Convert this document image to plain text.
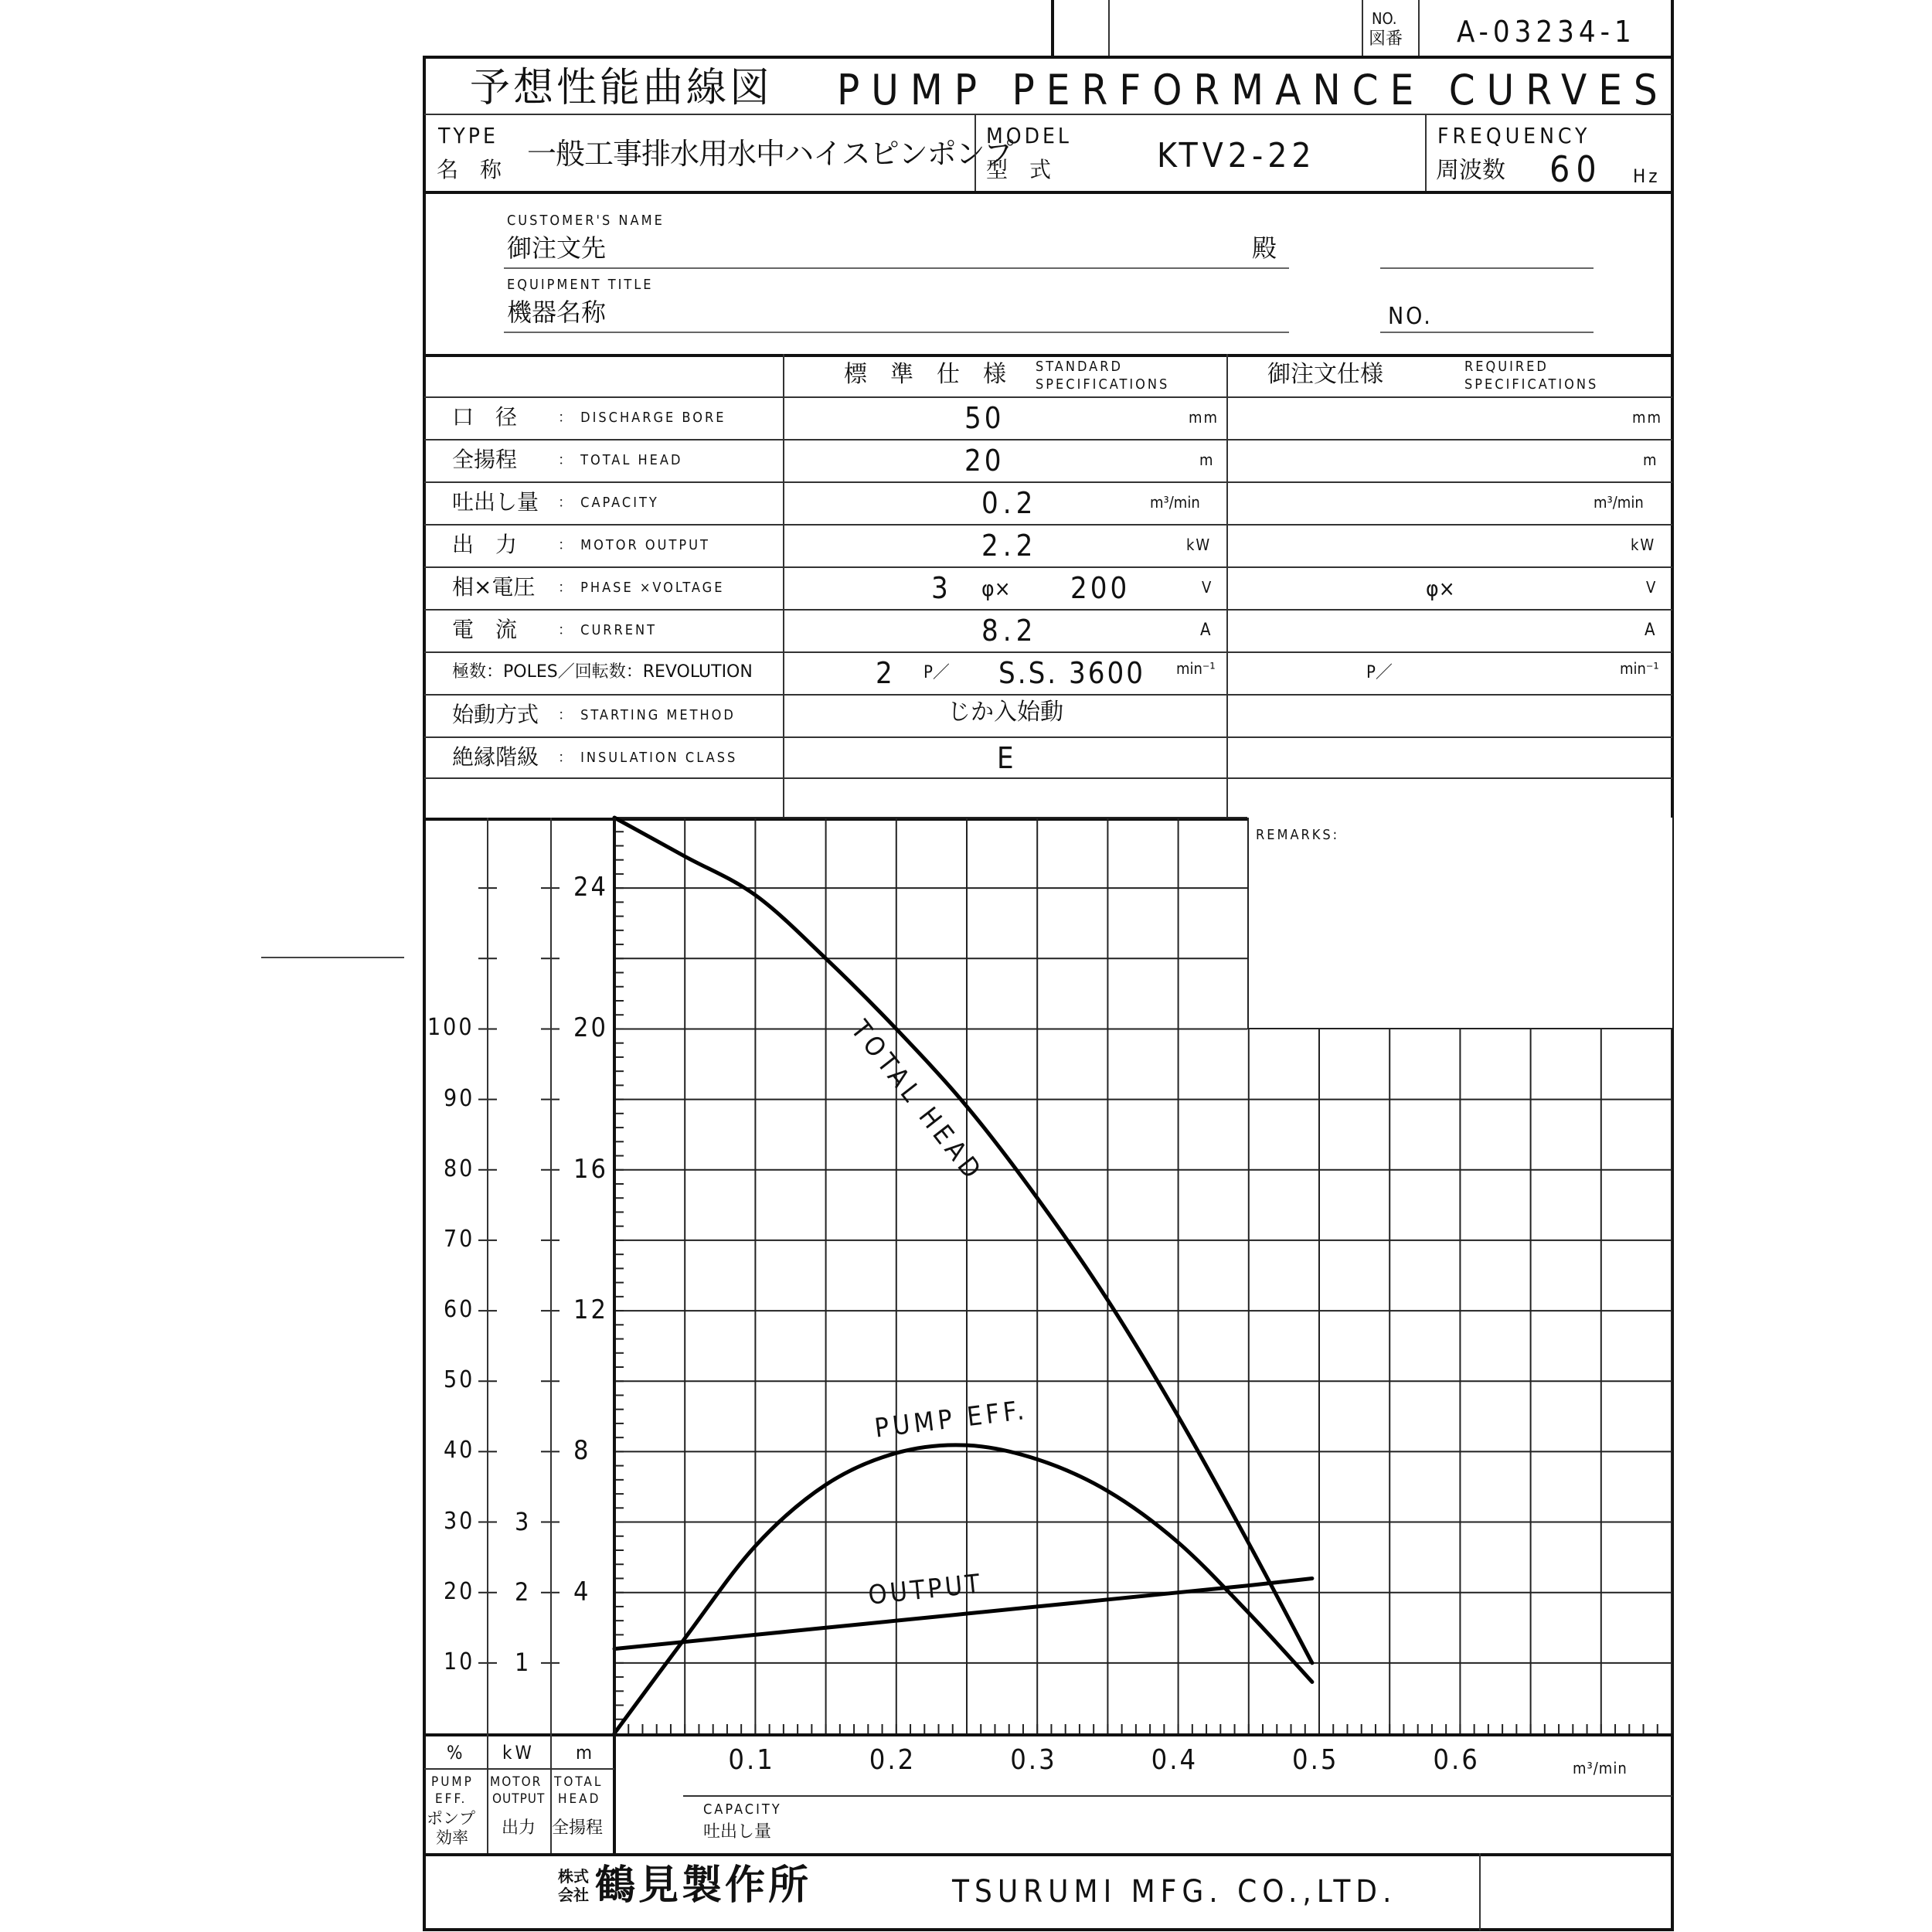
NO.
図番 A-03234-1
予想性能曲線図 PUMP PERFORMANCE CURVES
TYPE
名　称 一般工事排水用水中ハイスピンポンプ
MODEL
型　式	KTV2-22
FREQUENCY
周波数 60 Hz
CUSTOMER'S NAME
御注文先	殿
EQUIPMENT TITLE
機器名称	NO.
標　準　仕　様 STANDARD
SPECIFICATIONS	御注文仕様	REQUIRED
SPECIFICATIONS
口　径	： DISCHARGE BORE	50	mm	mm
全揚程	： TOTAL HEAD	20	m	m
吐出し量 ： CAPACITY	0.2	m³/min	m³/min
出　力	： MOTOR OUTPUT	2.2	kW	kW
相×電圧 ： PHASE ×VOLTAGE	3 φ× 200	V	φ×	V
電　流	： CURRENT	8.2	A	A
極数：POLES／回転数：REVOLUTION	2 P／ S.S. 3600 min⁻¹	P／	min⁻¹
始動方式 ： STARTING METHOD	じか入始動
絶縁階級 ： INSULATION CLASS	E
REMARKS:
10
20
30
40
50
60
70
80
90
100
1
2
3
4
8
12
16
20
24
TOTAL HEAD
PUMP EFF.
OUTPUT
% kW m
PUMP
EFF.
ポンプ
効率
MOTOR
OUTPUT
出力
TOTAL
HEAD
全揚程
0.1	0.2	0.3	0.4	0.5	0.6	m³/min
CAPACITY
吐出し量
株式
会社 鶴見製作所	TSURUMI MFG. CO.,LTD.
